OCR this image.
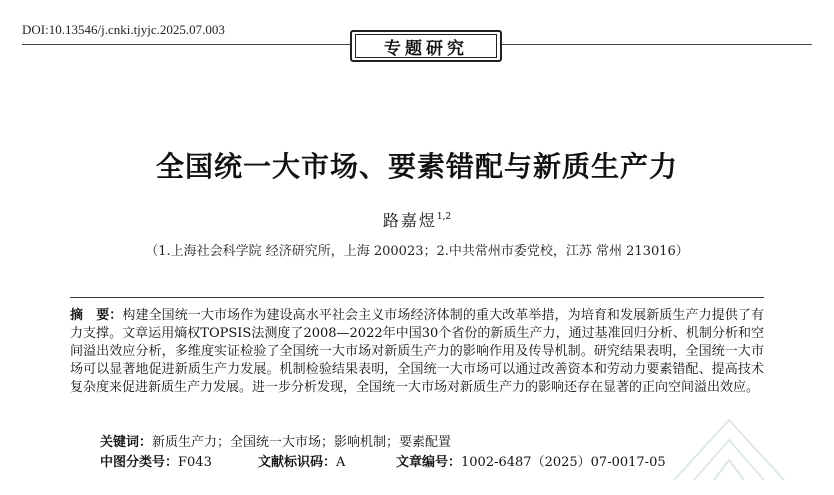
DOI:10.13546/j.cnki.tjyjc.2025.07.003
专题研究
全国统一大市场、要素错配与新质生产力
路嘉煜$^{1,2}$
（1.上海社会科学院 经济研究所，上海 200023；2.中共常州市委党校，江苏 常州 213016）
摘　要：构建全国统一大市场作为建设高水平社会主义市场经济体制的重大改革举措，为培育和发展新质生产力提供了有力支撑。文章运用熵权TOPSIS法测度了2008—2022年中国30个省份的新质生产力，通过基准回归分析、机制分析和空间溢出效应分析，多维度实证检验了全国统一大市场对新质生产力的影响作用及传导机制。研究结果表明，全国统一大市场可以显著地促进新质生产力发展。机制检验结果表明，全国统一大市场可以通过改善资本和劳动力要素错配、提高技术复杂度来促进新质生产力发展。进一步分析发现，全国统一大市场对新质生产力的影响还存在显著的正向空间溢出效应。
关键词：新质生产力；全国统一大市场；影响机制；要素配置
中图分类号：F043	文献标识码：A	文章编号：1002-6487（2025）07-0017-05
